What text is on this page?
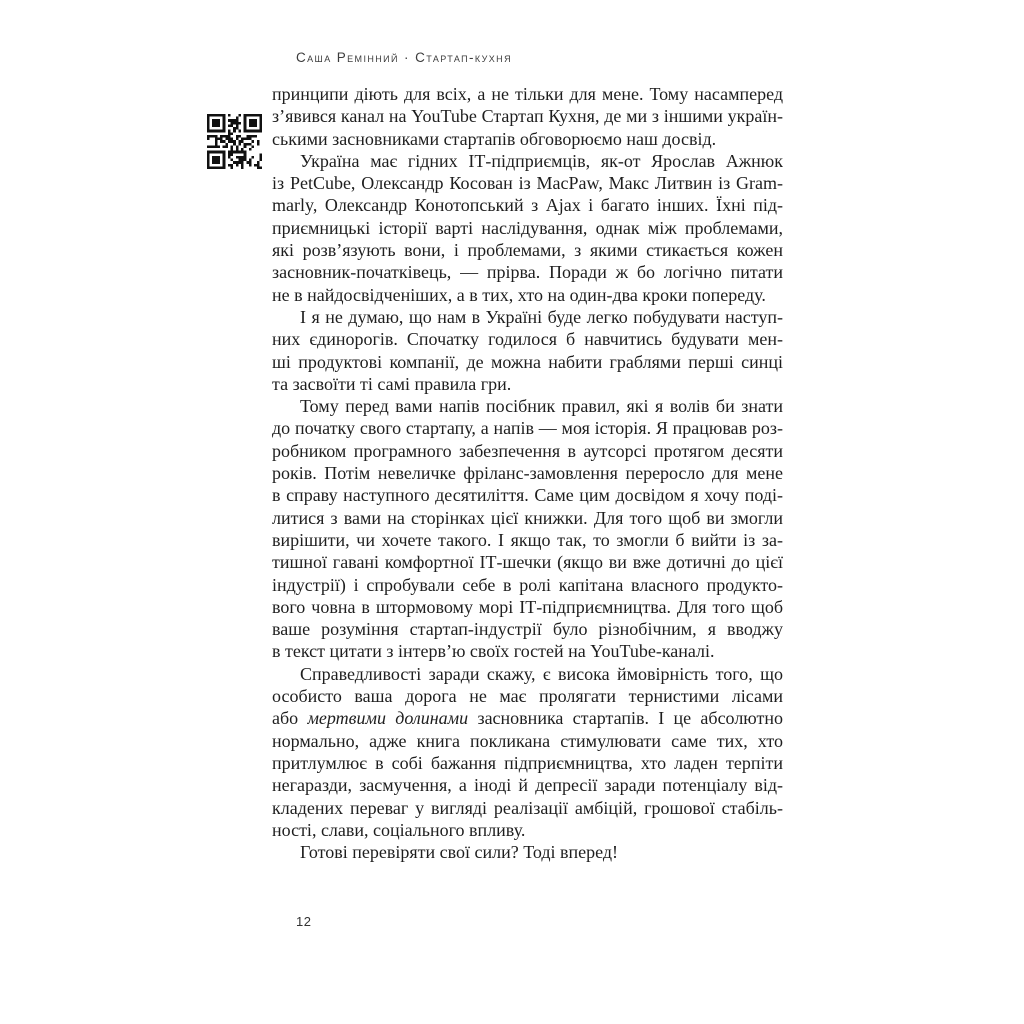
Саша Ремінний · Стартап-кухня
принципи діють для всіх, а не тільки для мене. Тому насамперед
з’явився канал на YouTube Стартап Кухня, де ми з іншими україн-
ськими засновниками стартапів обговорюємо наш досвід.
Україна має гідних ІТ-підприємців, як-от Ярослав Ажнюк
із PetCube, Олександр Косован із MacPaw, Макс Литвин із Gram-
marly, Олександр Конотопський з Ajax і багато інших. Їхні під-
приємницькі історії варті наслідування, однак між проблемами,
які розв’язують вони, і проблемами, з якими стикається кожен
засновник-початківець, — прірва. Поради ж бо логічно питати
не в найдосвідченіших, а в тих, хто на один-два кроки попереду.
І я не думаю, що нам в Україні буде легко побудувати наступ-
них єдинорогів. Спочатку годилося б навчитись будувати мен-
ші продуктові компанії, де можна набити граблями перші синці
та засвоїти ті самі правила гри.
Тому перед вами напів посібник правил, які я волів би знати
до початку свого стартапу, а напів — моя історія. Я працював роз-
робником програмного забезпечення в аутсорсі протягом десяти
років. Потім невеличке фріланс-замовлення переросло для мене
в справу наступного десятиліття. Саме цим досвідом я хочу поді-
литися з вами на сторінках цієї книжки. Для того щоб ви змогли
вирішити, чи хочете такого. І якщо так, то змогли б вийти із за-
тишної гавані комфортної ІТ-шечки (якщо ви вже дотичні до цієї
індустрії) і спробували себе в ролі капітана власного продукто-
вого човна в штормовому морі ІТ-підприємництва. Для того щоб
ваше розуміння стартап-індустрії було різнобічним, я вводжу
в текст цитати з інтерв’ю своїх гостей на YouTube-каналі.
Справедливості заради скажу, є висока ймовірність того, що
особисто ваша дорога не має пролягати тернистими лісами
або мертвими долинами засновника стартапів. І це абсолютно
нормально, адже книга покликана стимулювати саме тих, хто
притлумлює в собі бажання підприємництва, хто ладен терпіти
негаразди, засмучення, а іноді й депресії заради потенціалу від-
кладених переваг у вигляді реалізації амбіцій, грошової стабіль-
ності, слави, соціального впливу.
Готові перевіряти свої сили? Тоді вперед!
12
